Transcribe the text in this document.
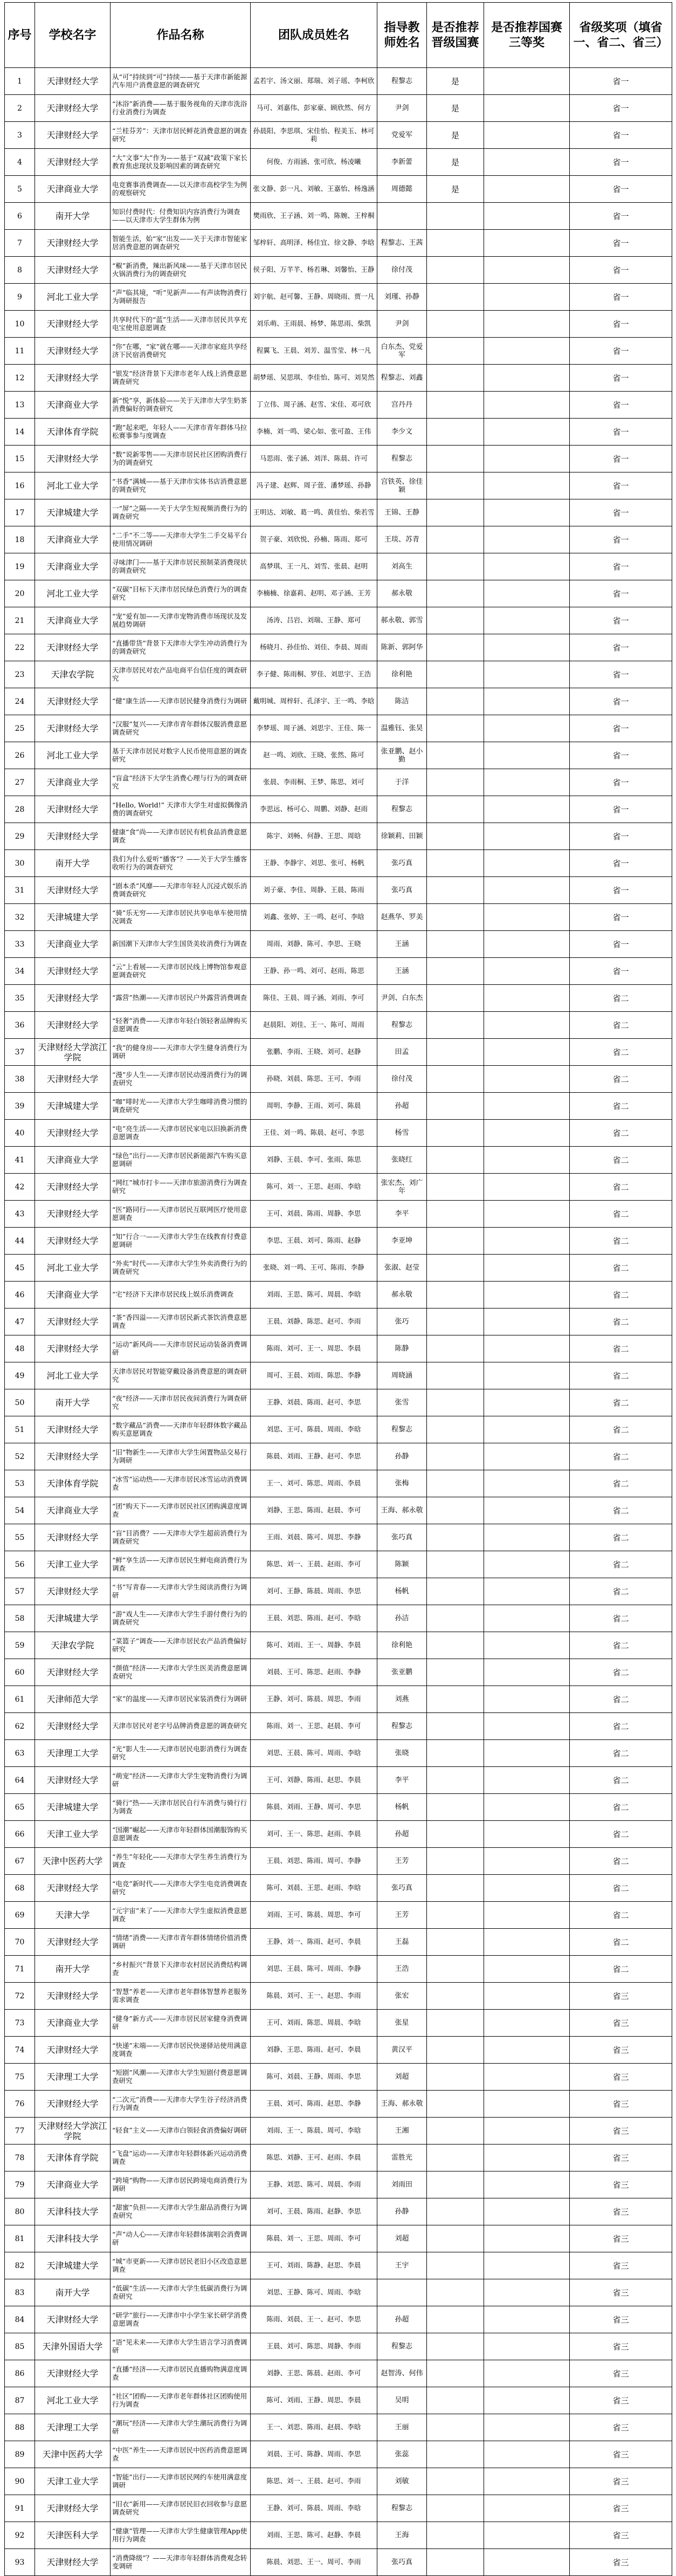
序号	学校名字	作品名称	团队成员姓名	指导教师姓名	是否推荐晋级国赛	是否推荐国赛三等奖	省级奖项（填省一、省二、省三）
1	天津财经大学	从“可”持续到“可”持续——基于天津市新能源汽车用户消费意愿的调查研究	孟若宇、汤文丽、郑瑞、刘子瑶、李柯欣	程黎志	是		省一
2	天津财经大学	“沐浴”新消费——基于服务视角的天津市洗浴行业消费行为调查	马可、刘嘉伟、彭家豪、顾欣然、何方	尹剑	是		省一
3	天津财经大学	“兰桂芬芳”：天津市居民鲜花消费意愿的调查研究	孙晨阳、李思琪、宋佳怡、程美玉、林可莉	党爱军	是		省一
4	天津财经大学	“大”文事“大”作为——基于“双减”政策下家长教育焦虑现状及影响因素的调查研究	何俊、方雨涵、张可欣、杨凌曦	李新蕾	是		省一
5	天津商业大学	电竞赛事消费调查——以天津市高校学生为例的观察研究	张文静、彭一凡、刘敏、王嘉怡、杨逸涵	周德懿	是		省一
6	南开大学	知识付费时代：付费知识内容消费行为调查——以天津市大学生群体为例	樊雨欣、王子涵、刘一鸣、陈婉、王梓桐				省一
7	天津财经大学	智能生活，始“家”出发——关于天津市智能家居消费意愿的调查研究	邹梓轩、高明泽、杨佳宜、徐文静、李晗	程黎志、王茜			省一
8	天津财经大学	“椒”新消费，辣出新风味——基于天津市居民火锅消费行为的调查研究	侯子阳、万芊芊、杨若琳、刘馨怡、王静	徐付茂			省一
9	河北工业大学	“声”临其境，“听”见新声——有声读物消费行为调研报告	刘宇航、赵可馨、王静、周晓雨、贾一凡	刘瑾、孙静			省一
10	天津财经大学	共享时代下的“蓝”生活——天津市居民共享充电宝使用意愿调查	刘乐萌、王雨晨、杨梦、陈思雨、柴凯	尹剑			省一
11	天津财经大学	“你”在哪，“家”就在哪——天津市家庭共享经济下民宿消费研究	程翼飞、王晨、刘芳、温雪莹、林一凡	白东杰、党爱军			省一
12	天津财经大学	“银发”经济背景下天津市老年人线上消费意愿调查研究	胡梦瑶、吴思琪、李佳怡、陈可、刘昊然	程黎志、刘鑫			省一
13	天津商业大学	新“悦”享，新体验——关于天津市大学生奶茶消费偏好的调查研究	丁立伟、周子涵、赵雪、宋佳、邓可欣	宫丹丹			省一
14	天津体育学院	“跑”起来吧，年轻人——天津市青年群体马拉松赛事参与度调查	李楠、刘一鸣、梁心如、张可盈、王伟	李少文			省一
15	天津财经大学	“数”说新零售——天津市居民社区团购消费行为的调查研究	马思雨、张子涵、刘洋、陈晨、许可	程黎志			省一
16	河北工业大学	“书香”满城——基于天津市实体书店消费意愿的调查研究	冯子建、赵辉、周子萱、潘梦瑶、孙静	宫铁英、徐佳颖			省一
17	天津城建大学	一“屏”之隔——关于大学生短视频消费行为的调查研究	王明达、刘敏、葛一鸣、黄佳怡、柴若雪	王锦、王静			省一
18	天津商业大学	“二手”不二等——天津市大学生二手交易平台使用情况调研	贺子豪、刘欣悦、孙楠、陈雨、郑可	王琰、苏青			省一
19	天津商业大学	寻味津门——基于天津市居民预制菜消费现状的调查研究	高梦琪、王一凡、刘雪、张晨、赵明	刘高生			省一
20	河北工业大学	“双碳”目标下天津市居民绿色消费行为的调查研究	李楠楠、徐嘉莉、赵明、邓子涵、王芳	郝永敬			省一
21	天津商业大学	“宠”爱有加——天津市宠物消费市场现状及发展趋势调研	汤涛、吕岩、刘瑞、王静、郑可	郝永敬、郭雪			省一
22	天津财经大学	“直播带货”背景下天津市大学生冲动消费行为的调查研究	杨晓月、孙佳怡、刘佳、李晨、周雨	陈新、郭阿华			省一
23	天津农学院	天津市居民对农产品电商平台信任度的调查研究	李子健、陈雨桐、罗佳、刘思宇、王浩	徐利艳			省一
24	天津财经大学	“健”康生活——天津市居民健身消费行为调研	戴明城、周梓轩、孔泽宇、王一鸣、李晗	陈洁			省一
25	天津财经大学	“汉服”复兴——天津市青年群体汉服消费意愿调查研究	李梦瑶、周子涵、刘思宇、王佳、陈一	温雅钰、张昊			省一
26	河北工业大学	基于天津市居民对数字人民币使用意愿的调查研究	赵一鸣、刘欣、王晓、张然、陈可	张亚鹏、赵小勤			省一
27	天津商业大学	“盲盒”经济下大学生消费心理与行为的调查研究	张晨、李雨桐、王梦、陈思、刘可	于洋			省一
28	天津财经大学	“Hello, World!” 天津市大学生对虚拟偶像消费的调查研究	李思远、杨可心、周鹏、刘静、赵雨	程黎志			省一
29	天津财经大学	健康“食”尚——天津市居民有机食品消费意愿调查	陈宇、刘畅、何静、王思、周晗	徐颖莉、田颖			省一
30	南开大学	我们为什么爱听“播客”？——关于大学生播客收听行为的调查研究	王静、李静宇、刘思、张可、杨帆	张巧真			省一
31	天津财经大学	“剧本杀”风靡——天津市年轻人沉浸式娱乐消费调查研究	刘子豪、李佳、周静、王晨、陈雨	张巧真			省一
32	天津城建大学	“骑”乐无穷——天津市居民共享电单车使用情况调查	刘鑫、张婷、王一鸣、赵可、李晗	赵燕华、罗美			省一
33	天津商业大学	新国潮下天津市大学生国货美妆消费行为调查	周雨、刘静、陈可、李思、王晓	王涵			省一
34	天津财经大学	“云”上看展——天津市居民线上博物馆参观意愿调查研究	王静、孙一鸣、刘可、赵雨、陈思	王涵			省一
35	天津财经大学	“露营”热潮——天津市居民户外露营消费调查	陈佳、王晨、周子涵、刘雨、李可	尹剑、白东杰			省二
36	天津财经大学	“轻奢”消费——天津市年轻白领轻奢品牌购买意愿调查	赵晨阳、刘佳、王一、陈可、周雨	程黎志			省二
37	天津财经大学滨江学院	“我”的健身房——天津市大学生健身消费行为调研	张鹏、李雨、王晓、刘可、赵静	田孟			省二
38	天津财经大学	“漫”步人生——天津市居民动漫消费行为的调查研究	孙晓、刘晨、陈思、王可、李雨	徐付茂			省二
39	天津城建大学	“咖”啡时光——天津市大学生咖啡消费习惯的调查研究	周明、李静、王雨、刘可、陈晨	孙超			省二
40	天津财经大学	“电”亮生活——天津市居民家电以旧换新消费意愿调查	王佳、刘一鸣、陈晨、赵可、李思	杨雪			省二
41	天津商业大学	“绿色”出行——天津市居民新能源汽车购买意愿调研	刘静、王晨、李可、张雨、陈思	张晓红			省二
42	天津财经大学	“网红”城市打卡——天津市旅游消费行为调查研究	陈可、刘一、王思、赵雨、李晗	张宏杰、刘广年			省二
43	天津财经大学	“医”路同行——天津市居民互联网医疗使用意愿调查	王可、刘晨、陈雨、周静、李思	李平			省二
44	天津财经大学	“知”行合一——天津市大学生在线教育付费意愿调研	李思、王晨、刘可、陈雨、赵静	李亚坤			省二
45	河北工业大学	“外卖”时代——天津市大学生外卖消费行为的调查研究	张晓、刘一鸣、王可、陈雨、李静	张淑、赵莹			省二
46	天津商业大学	“宅”经济下天津市居民线上娱乐消费调查	刘雨、王思、陈可、周晨、李晗	郝永敬			省二
47	天津财经大学	“茶”香四溢——天津市居民新式茶饮消费意愿调查	王晨、刘静、陈思、赵可、李雨	张巧			省二
48	天津财经大学	“运动”新风尚——天津市居民运动装备消费调研	陈雨、刘可、王一、周思、李晨	陈静			省二
49	河北工业大学	天津市居民对智能穿戴设备消费意愿的调查研究	周可、王晨、刘雨、陈思、李静	周晓涵			省二
50	南开大学	“夜”经济——天津市居民夜间消费行为调查研究	王静、刘晨、陈雨、赵可、李思	张雪			省二
51	天津财经大学	“数字藏品”消费——天津市年轻群体数字藏品购买意愿调查	刘思、王可、陈晨、周雨、李晗	程黎志			省二
52	天津财经大学	“旧”物新生——天津市大学生闲置物品交易行为调研	陈晨、刘雨、王静、赵可、李思	孙静			省二
53	天津体育学院	“冰雪”运动热——天津市居民冰雪运动消费调查	王一、刘可、陈思、周雨、李晨	张梅			省二
54	天津商业大学	“团”购天下——天津市居民社区团购满意度调查	刘静、王思、陈雨、赵晨、李可	王海、郝永敬			省二
55	天津财经大学	“盲”目消费？——天津市大学生超前消费行为调查研究	王雨、刘晨、陈可、周思、李静	张巧真			省二
56	天津工业大学	“鲜”享生活——天津市居民生鲜电商消费行为调查	陈思、刘一、王晨、赵雨、李可	陈颖			省二
57	天津财经大学	“书”写青春——天津市大学生阅读消费行为调研	刘可、王静、陈晨、周雨、李思	杨帆			省二
58	天津城建大学	“游”戏人生——天津市大学生手游付费行为的调查研究	王晨、刘思、陈雨、赵可、李晗	孙洁			省二
59	天津农学院	“菜篮子”调查——天津市居民农产品消费偏好研究	陈可、刘雨、王一、周静、李晨	徐利艳			省二
60	天津财经大学	“颜值”经济——天津市大学生医美消费意愿调查研究	刘晨、王可、陈思、赵雨、李静	张亚鹏			省二
61	天津师范大学	“家”的温度——天津市居民家装消费行为调研	王静、刘可、陈晨、周思、李雨	刘燕			省二
62	天津财经大学	天津市居民对老字号品牌消费意愿的调查研究	陈雨、刘一、王思、赵晨、李可	程黎志			省二
63	天津理工大学	“光”影人生——天津市居民电影消费行为调查研究	刘思、王晨、陈可、周雨、李晗	张晓			省二
64	天津财经大学	“萌宠”经济——天津市大学生宠物消费行为调研	王可、刘静、陈雨、赵思、李晨	李平			省二
65	天津城建大学	“骑行”热——天津市居民自行车消费与骑行行为调查	陈晨、刘雨、王静、周可、李思	杨帆			省二
66	天津工业大学	“国潮”崛起——天津市年轻群体国潮服饰购买意愿调查	刘可、王一、陈思、赵雨、李晨	孙超			省二
67	天津中医药大学	“养生”年轻化——天津市大学生养生消费行为调查	王晨、刘思、陈雨、周可、李静	王芳			省二
68	天津财经大学	“电竞”新时代——天津市大学生电竞消费调查研究	陈可、刘晨、王思、赵雨、李晗	张巧真			省二
69	天津大学	“元宇宙”来了——天津市大学生虚拟消费意愿调查	刘雨、王可、陈晨、周思、李可	王芳			省二
70	天津财经大学	“情绪”消费——天津市青年群体情绪价值消费调研	王静、刘一、陈雨、赵可、李晨	王磊			省二
71	南开大学	“乡村振兴”背景下天津市农村居民消费结构调查	刘思、王晨、陈可、周雨、李静	王浩			省二
72	天津财经大学	“智慧”养老——天津市老年群体智慧养老服务需求调查	陈晨、刘可、王一、赵思、李雨	张宏			省三
73	天津商业大学	“健身”新方式——天津市居民居家健身消费调研	王可、刘雨、陈思、周晨、李晗	张星			省三
74	天津财经大学	“快递”末端——天津市居民快递驿站使用满意度调查	刘静、王思、陈雨、赵可、李晨	黄汉平			省三
75	天津理工大学	“短剧”风潮——天津市大学生短剧付费意愿调查研究	陈可、刘晨、王静、周雨、李思	刘超			省三
76	天津财经大学	“二次元”消费——天津市大学生谷子经济消费行为调查	王晨、刘可、陈雨、赵思、李静	王海、郝永敬			省三
77	天津财经大学滨江学院	“轻食”主义——天津市白领轻食消费偏好调研	刘雨、王一、陈晨、周可、李晗	王湘			省三
78	天津体育学院	“飞盘”运动——天津市年轻群体新兴运动消费调查	陈思、刘静、王可、赵雨、李晨	雷胜光			省三
79	天津商业大学	“跨境”购物——天津市居民跨境电商消费行为调研	王静、刘思、陈可、周晨、李雨	刘雨田			省三
80	天津科技大学	“甜蜜”负担——天津市大学生甜品消费行为调查研究	刘可、王晨、陈雨、赵静、李思	孙静			省三
81	天津科技大学	“声”动人心——天津市年轻群体演唱会消费调研	陈晨、刘一、王思、周雨、李可	刘超			省三
82	天津城建大学	“城”市更新——天津市居民老旧小区改造意愿调查	王可、刘雨、陈静、赵思、李晨	王宇			省三
83	南开大学	“低碳”生活——天津市大学生低碳消费行为调查研究	刘思、王静、陈可、周雨、李晗				省三
84	天津财经大学	“研学”旅行——天津市中小学生家长研学消费意愿调查	陈雨、刘晨、王一、赵可、李思	孙超			省三
85	天津外国语大学	“语”见未来——天津市大学生语言学习消费调研	王晨、刘可、陈思、周静、李雨	程黎志			省三
86	天津财经大学	“直播”经济——天津市居民直播购物满意度调查	刘静、王思、陈晨、赵雨、李可	赵智涛、何伟			省三
87	河北工业大学	“社区”团购——天津市老年群体社区团购使用行为调查	陈可、刘雨、王静、周思、李晨	吴明			省三
88	天津理工大学	“潮玩”经济——天津市大学生潮玩消费行为调研	王一、刘思、陈雨、赵晨、李晗	王丽			省三
89	天津中医药大学	“中医”养生——天津市居民中医药消费意愿调查	刘晨、王可、陈静、周雨、李思	张蕊			省三
90	天津工业大学	“智能”出行——天津市居民网约车使用满意度调研	陈思、刘一、王晨、赵可、李雨	刘敏			省三
91	天津财经大学	“旧衣”新用——天津市居民旧衣回收参与意愿调查研究	王静、刘可、陈晨、周雨、李晗	程黎志			省三
92	天津医科大学	“健康”管理——天津市大学生健康管理App使用行为调查	刘雨、王思、陈可、赵静、李晨	王海			省三
93	天津财经大学	“消费降级”？——天津市年轻群体消费观念转变调研	陈晨、刘思、王一、周可、李雨	张巧真			省三
